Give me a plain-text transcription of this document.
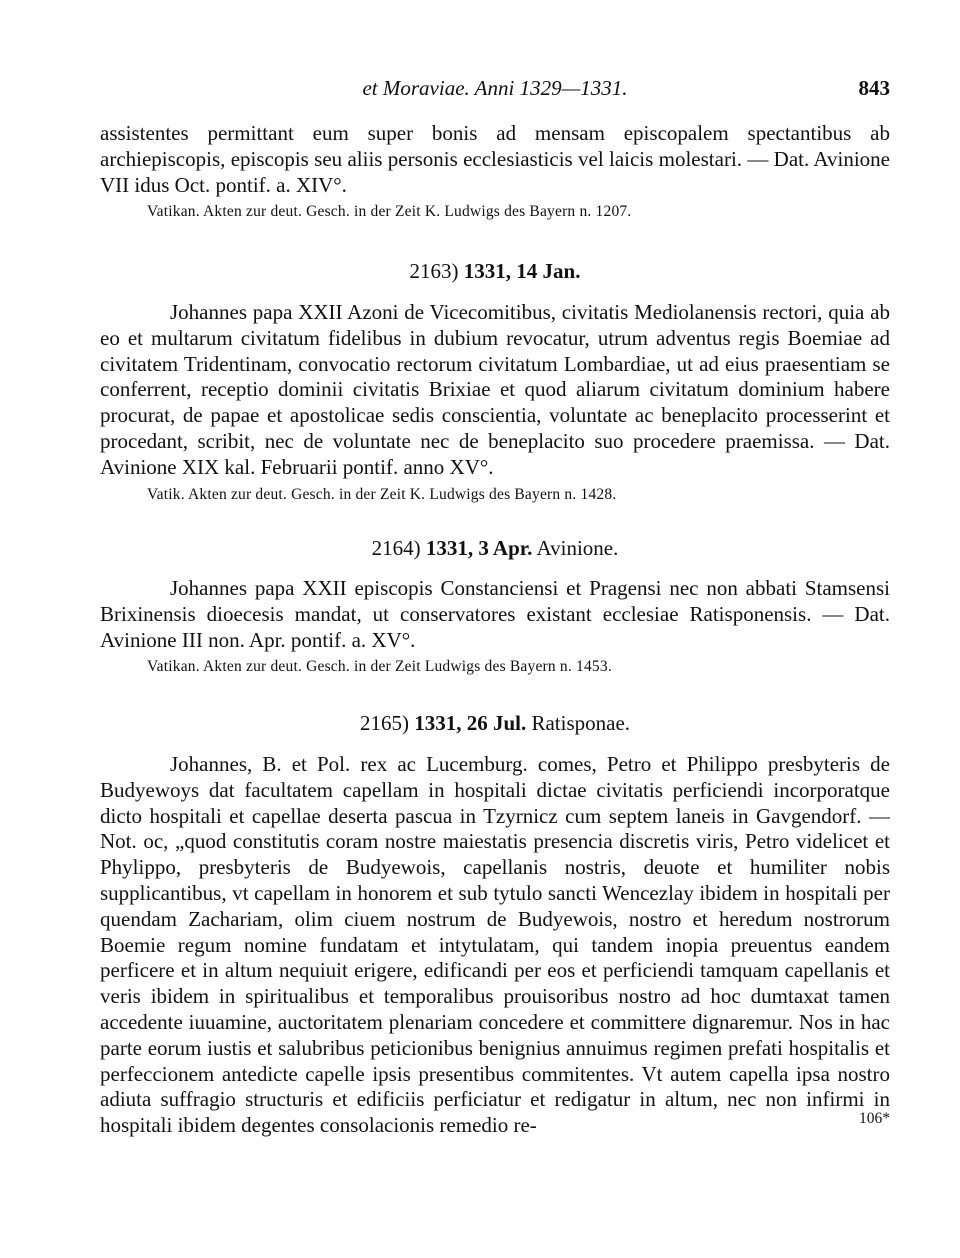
et Moraviae. Anni 1329—1331.	843

assistentes permittant eum super bonis ad mensam episcopalem spectantibus ab archiepiscopis, episcopis seu aliis personis ecclesiasticis vel laicis molestari. — Dat. Avinione VII idus Oct. pontif. a. XIV°.

Vatikan. Akten zur deut. Gesch. in der Zeit K. Ludwigs des Bayern n. 1207.

2163) 1331, 14 Jan.

Johannes papa XXII Azoni de Vicecomitibus, civitatis Mediolanensis rectori, quia ab eo et multarum civitatum fidelibus in dubium revocatur, utrum adventus regis Boemiae ad civitatem Tridentinam, convocatio rectorum civitatum Lombardiae, ut ad eius praesentiam se conferrent, receptio dominii civitatis Brixiae et quod aliarum civitatum dominium habere procurat, de papae et apostolicae sedis conscientia, voluntate ac beneplacito processerint et procedant, scribit, nec de voluntate nec de beneplacito suo procedere praemissa. — Dat. Avinione XIX kal. Februarii pontif. anno XV°.

Vatik. Akten zur deut. Gesch. in der Zeit K. Ludwigs des Bayern n. 1428.

2164) 1331, 3 Apr. Avinione.

Johannes papa XXII episcopis Constanciensi et Pragensi nec non abbati Stamsensi Brixinensis dioecesis mandat, ut conservatores existant ecclesiae Ratisponensis. — Dat. Avinione III non. Apr. pontif. a. XV°.

Vatikan. Akten zur deut. Gesch. in der Zeit Ludwigs des Bayern n. 1453.

2165) 1331, 26 Jul. Ratisponae.

Johannes, B. et Pol. rex ac Lucemburg. comes, Petro et Philippo presbyteris de Budyewoys dat facultatem capellam in hospitali dictae civitatis perficiendi incorporatque dicto hospitali et capellae deserta pascua in Tzyrnicz cum septem laneis in Gavgendorf. — Not. oc, „quod constitutis coram nostre maiestatis presencia discretis viris, Petro videlicet et Phylippo, presbyteris de Budyewois, capellanis nostris, deuote et humiliter nobis supplicantibus, vt capellam in honorem et sub tytulo sancti Wencezlay ibidem in hospitali per quendam Zachariam, olim ciuem nostrum de Budyewois, nostro et heredum nostrorum Boemie regum nomine fundatam et intytulatam, qui tandem inopia preuentus eandem perficere et in altum nequiuit erigere, edificandi per eos et perficiendi tamquam capellanis et veris ibidem in spiritualibus et temporalibus prouisoribus nostro ad hoc dumtaxat tamen accedente iuuamine, auctoritatem plenariam concedere et committere dignaremur. Nos in hac parte eorum iustis et salubribus peticionibus benignius annuimus regimen prefati hospitalis et perfeccionem antedicte capelle ipsis presentibus commitentes. Vt autem capella ipsa nostro adiuta suffragio structuris et edificiis perficiatur et redigatur in altum, nec non infirmi in hospitali ibidem degentes consolacionis remedio re-	106*
